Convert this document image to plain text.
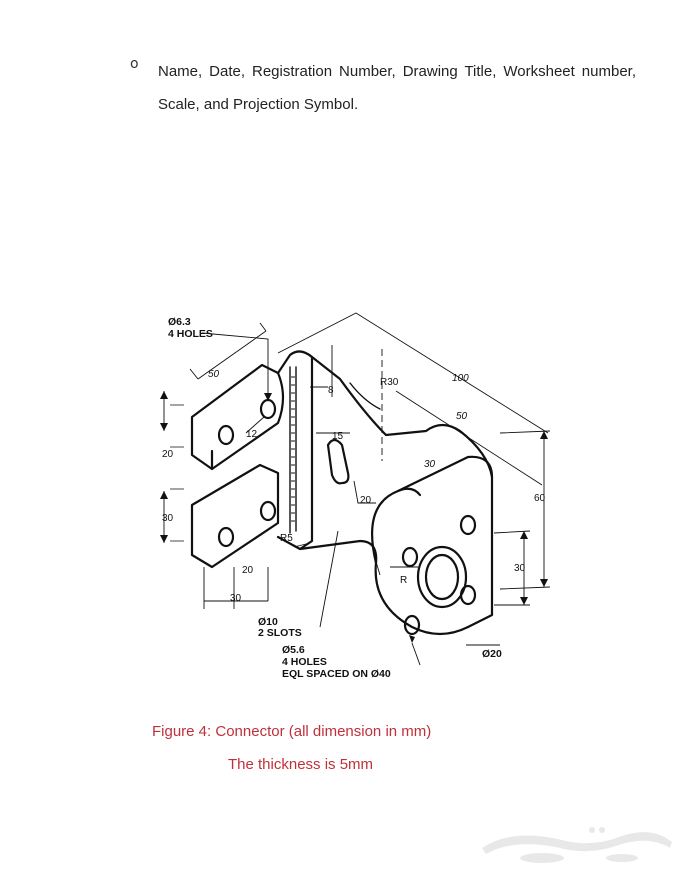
o Name, Date, Registration Number, Drawing Title, Worksheet number, Scale, and Projection Symbol.
Ø6.3
4 HOLES
50	100
R30
8
50
12	15
30
20
20	60
30
R5
R
30
20
30
Ø10
2 SLOTS
Ø5.6
4 HOLES
EQL SPACED ON Ø40
Ø20
Figure 4: Connector (all dimension in mm)
The thickness is 5mm
